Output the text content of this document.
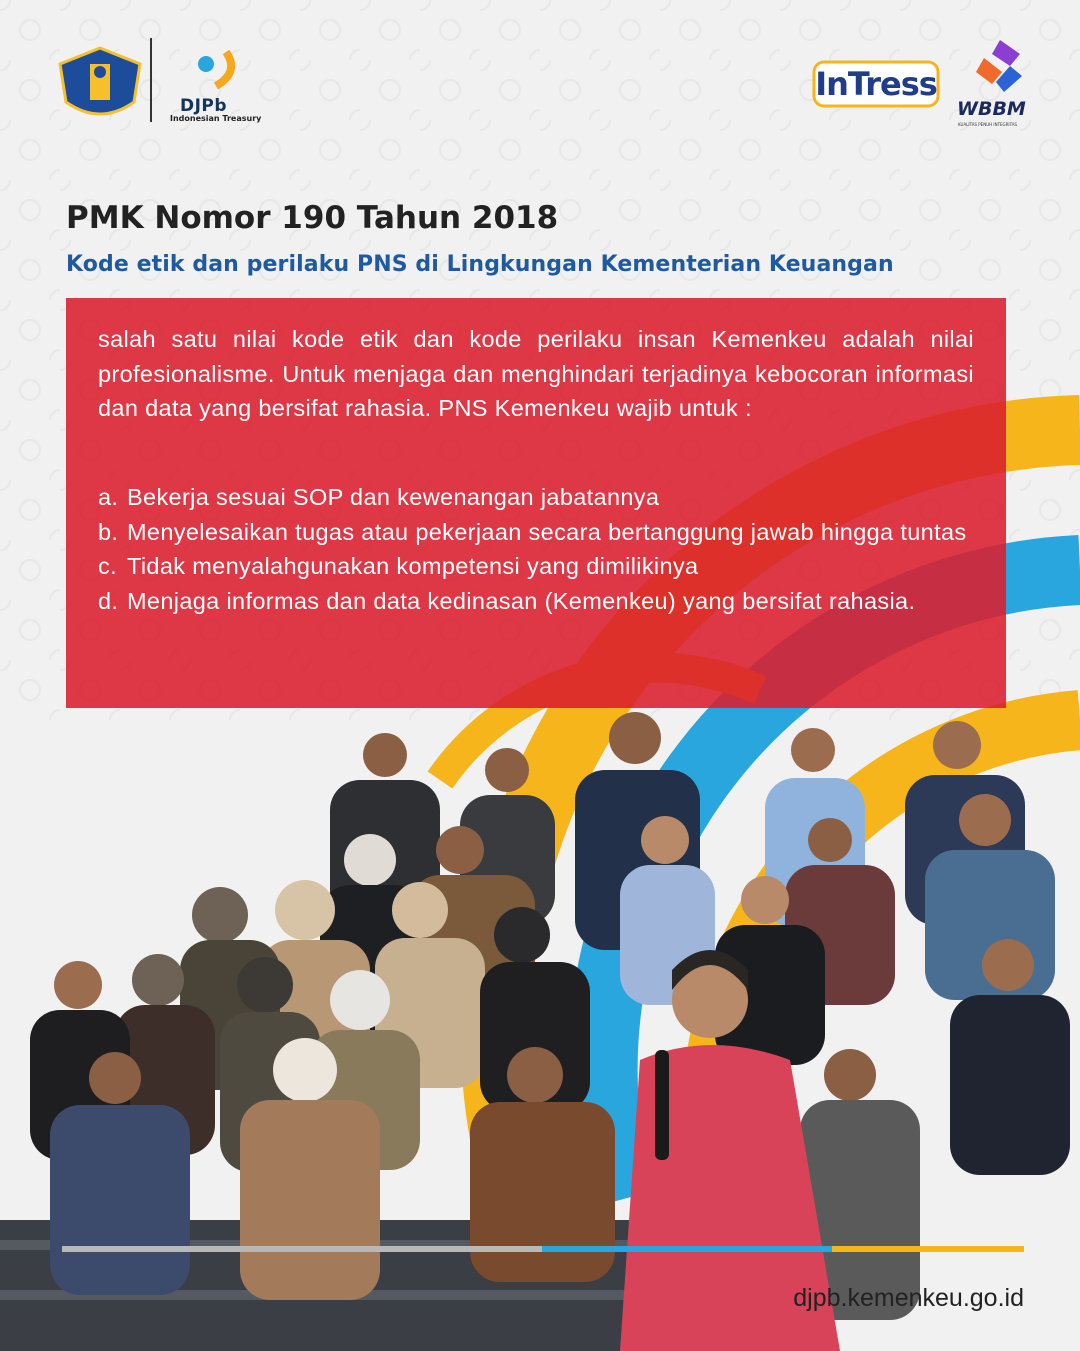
DJPb
Indonesian Treasury
InTress
WBBM
KUALITAS PENUH INTEGRITAS
PMK Nomor 190 Tahun 2018
Kode etik dan perilaku PNS di Lingkungan Kementerian Keuangan
salah satu nilai kode etik dan kode perilaku insan Kemenkeu adalah nilai profesionalisme. Untuk menjaga dan menghindari terjadinya kebocoran informasi dan data yang bersifat rahasia. PNS Kemenkeu wajib untuk :
a. Bekerja sesuai SOP dan kewenangan jabatannya
b. Menyelesaikan tugas atau pekerjaan secara bertanggung jawab hingga tuntas
c. Tidak menyalahgunakan kompetensi yang dimilikinya
d. Menjaga informas dan data kedinasan (Kemenkeu) yang bersifat rahasia.
djpb.kemenkeu.go.id
